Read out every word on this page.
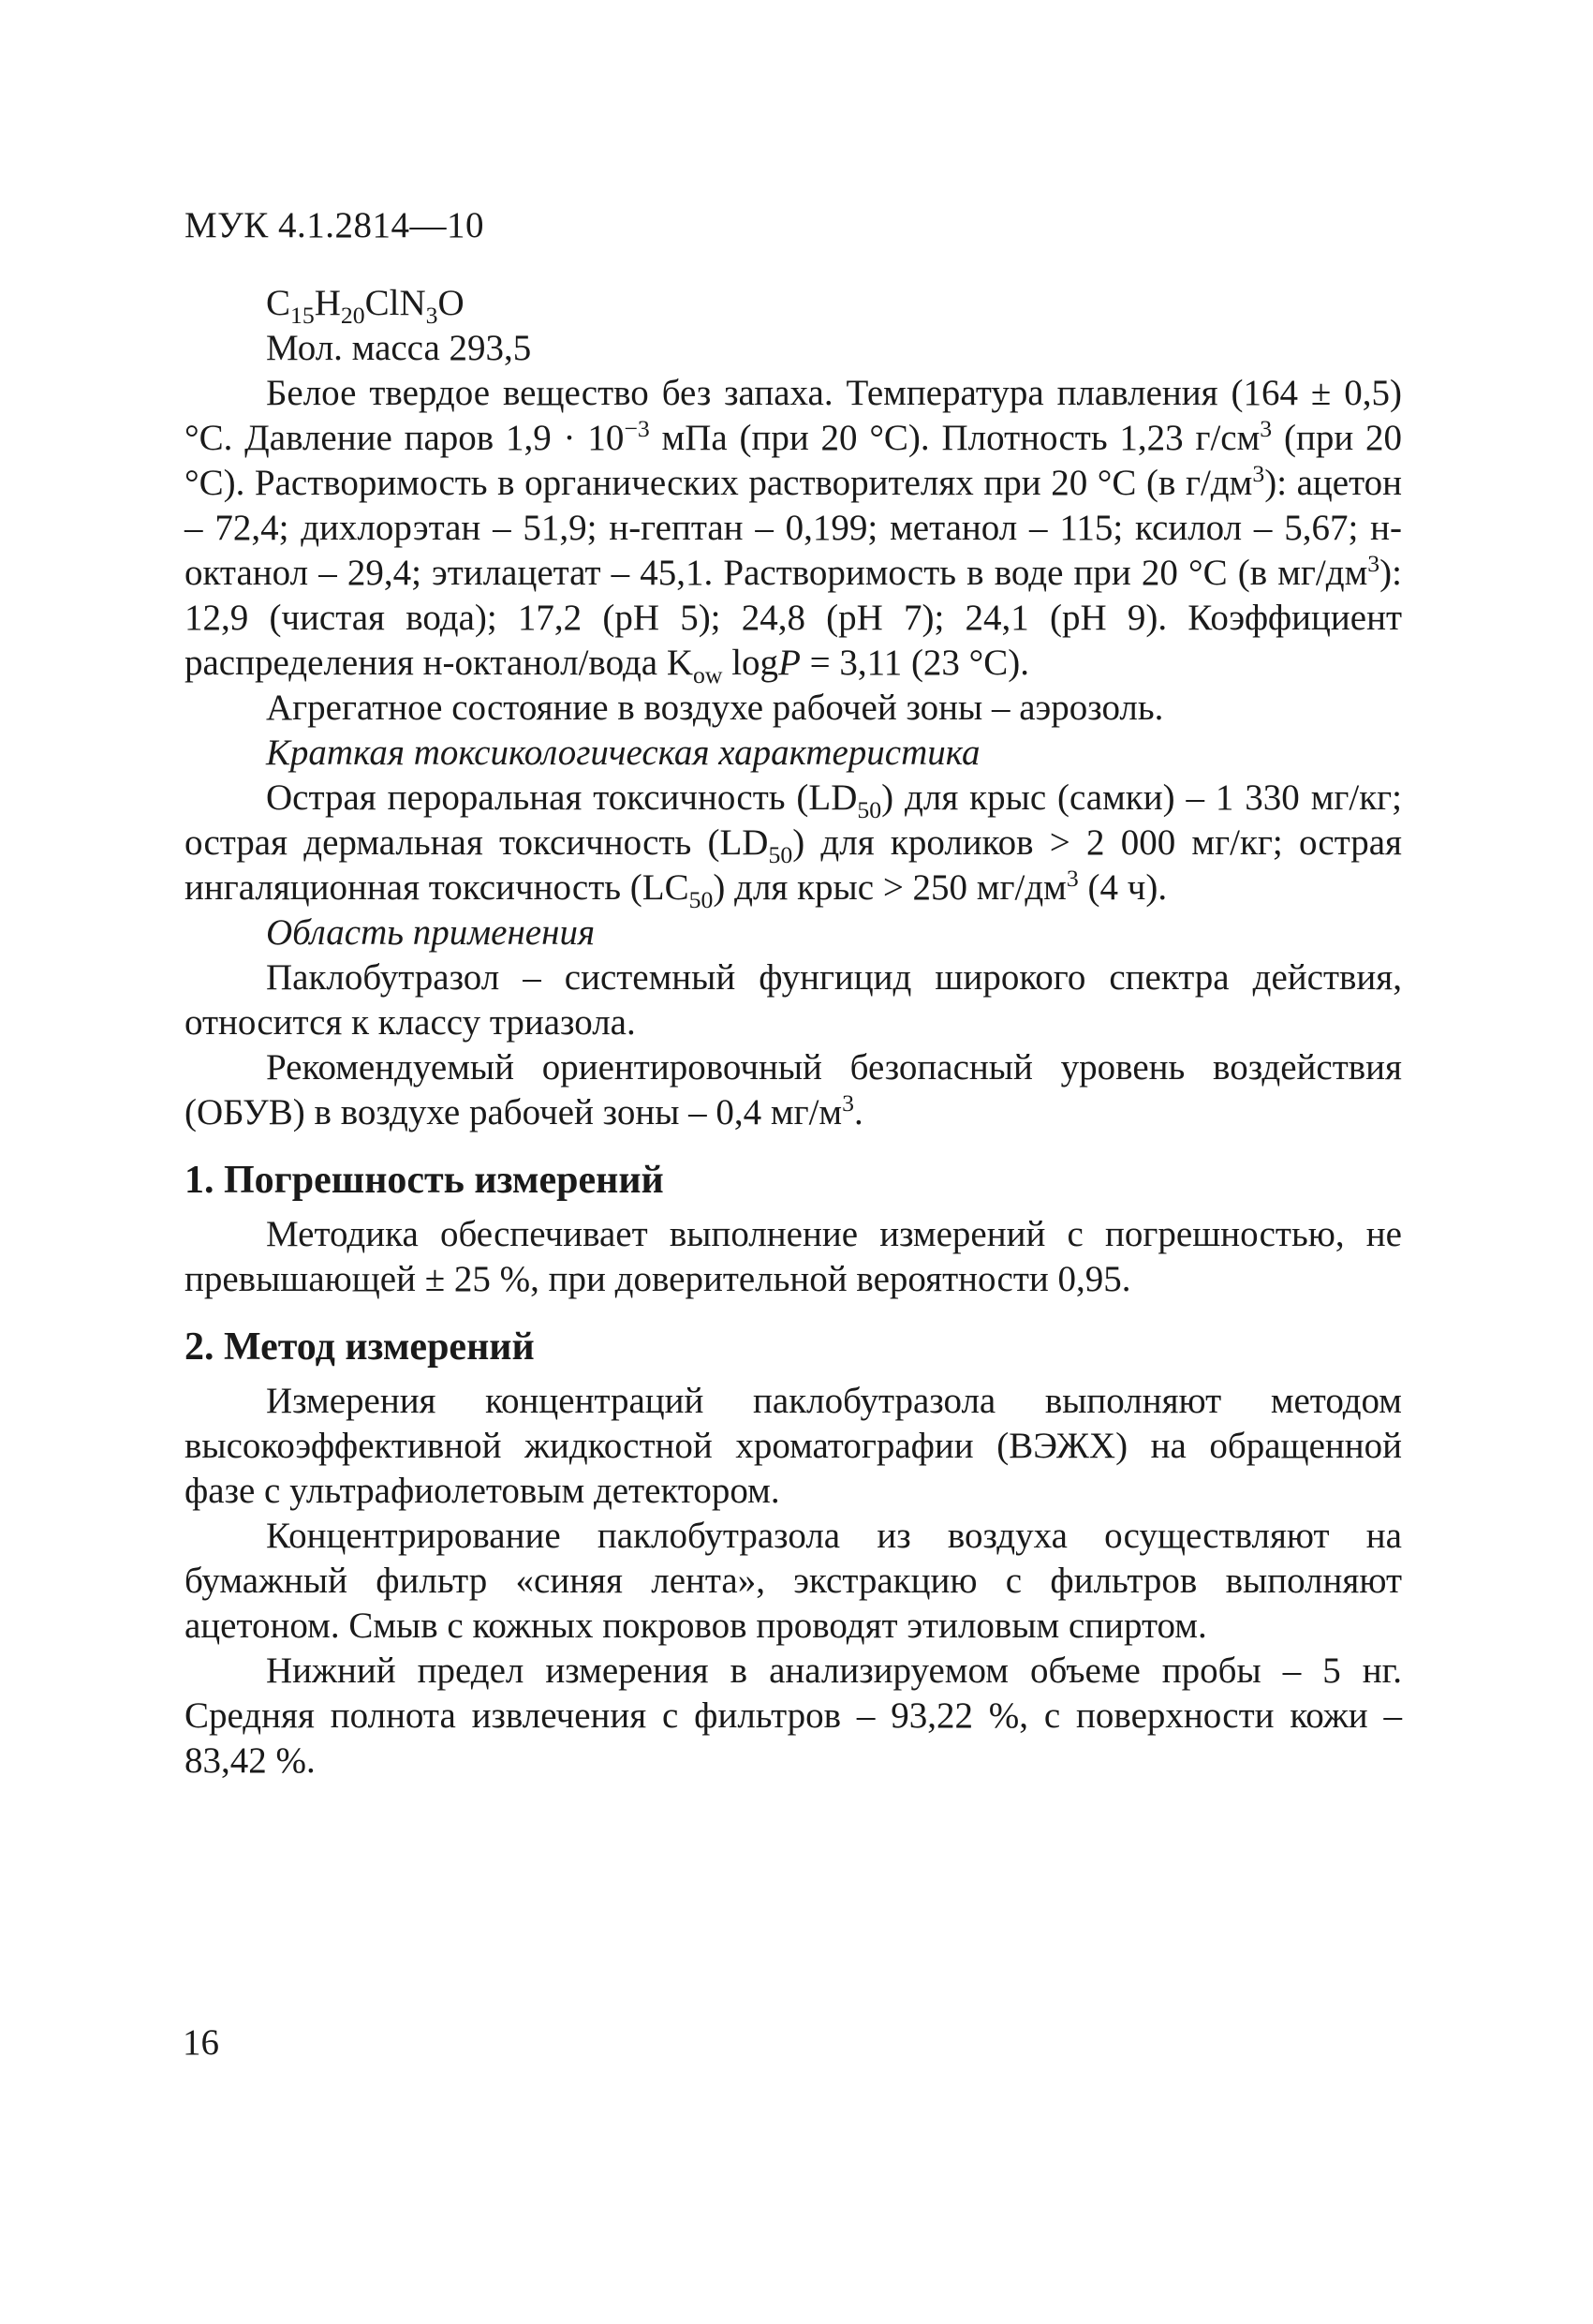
МУК 4.1.2814—10

$C_{15}H_{20}ClN_3O$

Мол. масса 293,5

Белое твердое вещество без запаха. Температура плавления (164 ± 0,5) °С. Давление паров $1,9 \cdot 10^{-3}$ мПа (при 20 °С). Плотность 1,23 $г/см^3$ (при 20 °С). Растворимость в органических растворителях при 20 °С (в $г/дм^3$): ацетон – 72,4; дихлорэтан – 51,9; н-гептан – 0,199; метанол – 115; ксилол – 5,67; н-октанол – 29,4; этилацетат – 45,1. Растворимость в воде при 20 °С (в $мг/дм^3$): 12,9 (чистая вода); 17,2 (pH 5); 24,8 (pH 7); 24,1 (pH 9). Коэффициент распределения н-октанол/вода $K_{ow}$ logP = 3,11 (23 °С).

Агрегатное состояние в воздухе рабочей зоны – аэрозоль.

Краткая токсикологическая характеристика

Острая пероральная токсичность $(LD_{50})$ для крыс (самки) – 1 330 мг/кг; острая дермальная токсичность $(LD_{50})$ для кроликов > 2 000 мг/кг; острая ингаляционная токсичность $(LC_{50})$ для крыс > 250 $мг/дм^3$ (4 ч).

Область применения

Паклобутразол – системный фунгицид широкого спектра действия, относится к классу триазола.

Рекомендуемый ориентировочный безопасный уровень воздействия (ОБУВ) в воздухе рабочей зоны – 0,4 $мг/м^3$.

1. Погрешность измерений

Методика обеспечивает выполнение измерений с погрешностью, не превышающей ± 25 %, при доверительной вероятности 0,95.

2. Метод измерений

Измерения концентраций паклобутразола выполняют методом высокоэффективной жидкостной хроматографии (ВЭЖХ) на обращенной фазе с ультрафиолетовым детектором.

Концентрирование паклобутразола из воздуха осуществляют на бумажный фильтр «синяя лента», экстракцию с фильтров выполняют ацетоном. Смыв с кожных покровов проводят этиловым спиртом.

Нижний предел измерения в анализируемом объеме пробы – 5 нг. Средняя полнота извлечения с фильтров – 93,22 %, с поверхности кожи – 83,42 %.

16
